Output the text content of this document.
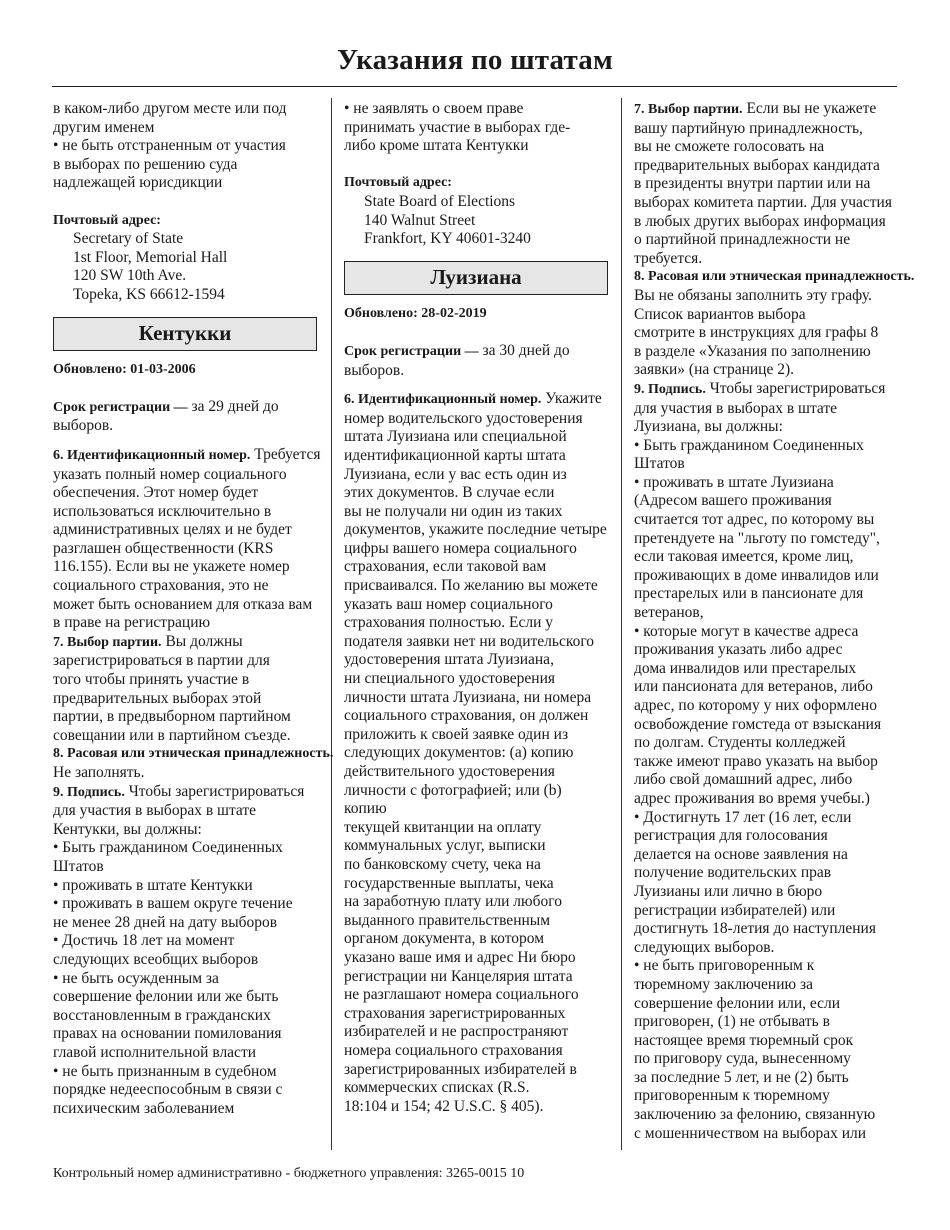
Указания по штатам
в каком-либо другом месте или под
другим именем
• не быть отстраненным от участия
в выборах по решению суда
надлежащей юрисдикции
Почтовый адрес:
Secretary of State
1st Floor, Memorial Hall
120 SW 10th Ave.
Topeka, KS 66612-1594
Кентукки
Обновлено: 01-03-2006
Срок регистрации — за 29 дней до
выборов.
6. Идентификационный номер. Требуется
указать полный номер социального
обеспечения. Этот номер будет
использоваться исключительно в
административных целях и не будет
разглашен общественности (KRS
116.155). Если вы не укажете номер
социального страхования, это не
может быть основанием для отказа вам
в праве на регистрацию
7. Выбор партии. Вы должны
зарегистрироваться в партии для
того чтобы принять участие в
предварительных выборах этой
партии, в предвыборном партийном
совещании или в партийном съезде.
8. Расовая или этническая принадлежность.
Не заполнять.
9. Подпись. Чтобы зарегистрироваться
для участия в выборах в штате
Кентукки, вы должны:
• Быть гражданином Соединенных
Штатов
• проживать в штате Кентукки
• проживать в вашем округе течение
не менее 28 дней на дату выборов
• Достичь 18 лет на момент
следующих всеобщих выборов
• не быть осужденным за
совершение фелонии или же быть
восстановленным в гражданских
правах на основании помилования
главой исполнительной власти
• не быть признанным в судебном
порядке недееспособным в связи с
психическим заболеванием
• не заявлять о своем праве
принимать участие в выборах где-
либо кроме штата Кентукки
Почтовый адрес:
State Board of Elections
140 Walnut Street
Frankfort, KY 40601-3240
Луизиана
Обновлено: 28-02-2019
Срок регистрации — за 30 дней до
выборов.
6. Идентификационный номер. Укажите
номер водительского удостоверения
штата Луизиана или специальной
идентификационной карты штата
Луизиана, если у вас есть один из
этих документов. В случае если
вы не получали ни один из таких
документов, укажите последние четыре
цифры вашего номера социального
страхования, если таковой вам
присваивался. По желанию вы можете
указать ваш номер социального
страхования полностью. Если у
подателя заявки нет ни водительского
удостоверения штата Луизиана,
ни специального удостоверения
личности штата Луизиана, ни номера
социального страхования, он должен
приложить к своей заявке один из
следующих документов: (a) копию
действительного удостоверения
личности с фотографией; или (b)
копию
текущей квитанции на оплату
коммунальных услуг, выписки
по банковскому счету, чека на
государственные выплаты, чека
на заработную плату или любого
выданного правительственным
органом документа, в котором
указано ваше имя и адрес Ни бюро
регистрации ни Канцелярия штата
не разглашают номера социального
страхования зарегистрированных
избирателей и не распространяют
номера социального страхования
зарегистрированных избирателей в
коммерческих списках (R.S.
18:104 и 154; 42 U.S.C. § 405).
7. Выбор партии. Если вы не укажете
вашу партийную принадлежность,
вы не сможете голосовать на
предварительных выборах кандидата
в президенты внутри партии или на
выборах комитета партии. Для участия
в любых других выборах информация
о партийной принадлежности не
требуется.
8. Расовая или этническая принадлежность.
Вы не обязаны заполнить эту графу.
Список вариантов выбора
смотрите в инструкциях для графы 8
в разделе «Указания по заполнению
заявки» (на странице 2).
9. Подпись. Чтобы зарегистрироваться
для участия в выборах в штате
Луизиана, вы должны:
• Быть гражданином Соединенных
Штатов
• проживать в штате Луизиана
(Адресом вашего проживания
считается тот адрес, по которому вы
претендуете на "льготу по гомстеду",
если таковая имеется, кроме лиц,
проживающих в доме инвалидов или
престарелых или в пансионате для
ветеранов,
• которые могут в качестве адреса
проживания указать либо адрес
дома инвалидов или престарелых
или пансионата для ветеранов, либо
адрес, по которому у них оформлено
освобождение гомстеда от взыскания
по долгам. Студенты колледжей
также имеют право указать на выбор
либо свой домашний адрес, либо
адрес проживания во время учебы.)
• Достигнуть 17 лет (16 лет, если
регистрация для голосования
делается на основе заявления на
получение водительских прав
Луизианы или лично в бюро
регистрации избирателей) или
достигнуть 18-летия до наступления
следующих выборов.
• не быть приговоренным к
тюремному заключению за
совершение фелонии или, если
приговорен, (1) не отбывать в
настоящее время тюремный срок
по приговору суда, вынесенному
за последние 5 лет, и не (2) быть
приговоренным к тюремному
заключению за фелонию, связанную
с мошенничеством на выборах или
Контрольный номер административно - бюджетного управления: 3265-0015 10
